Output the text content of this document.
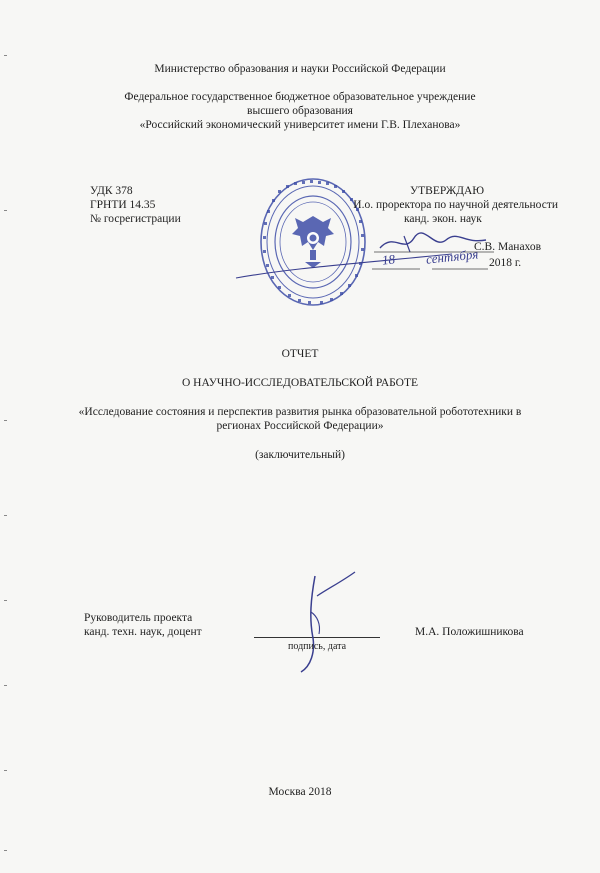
Министерство образования и науки Российской Федерации
Федеральное государственное бюджетное образовательное учреждение
высшего образования
«Российский экономический университет имени Г.В. Плеханова»
УДК 378
ГРНТИ 14.35
№ госрегистрации
УТВЕРЖДАЮ
И.о. проректора по научной деятельности
канд. экон. наук
С.В. Манахов
18 сентября 2018 г.
ОТЧЕТ
О НАУЧНО-ИССЛЕДОВАТЕЛЬСКОЙ РАБОТЕ
«Исследование состояния и перспектив развития рынка образовательной робототехники в
регионах Российской Федерации»
(заключительный)
Руководитель проекта
канд. техн. наук, доцент
подпись, дата
М.А. Положишникова
Москва 2018
